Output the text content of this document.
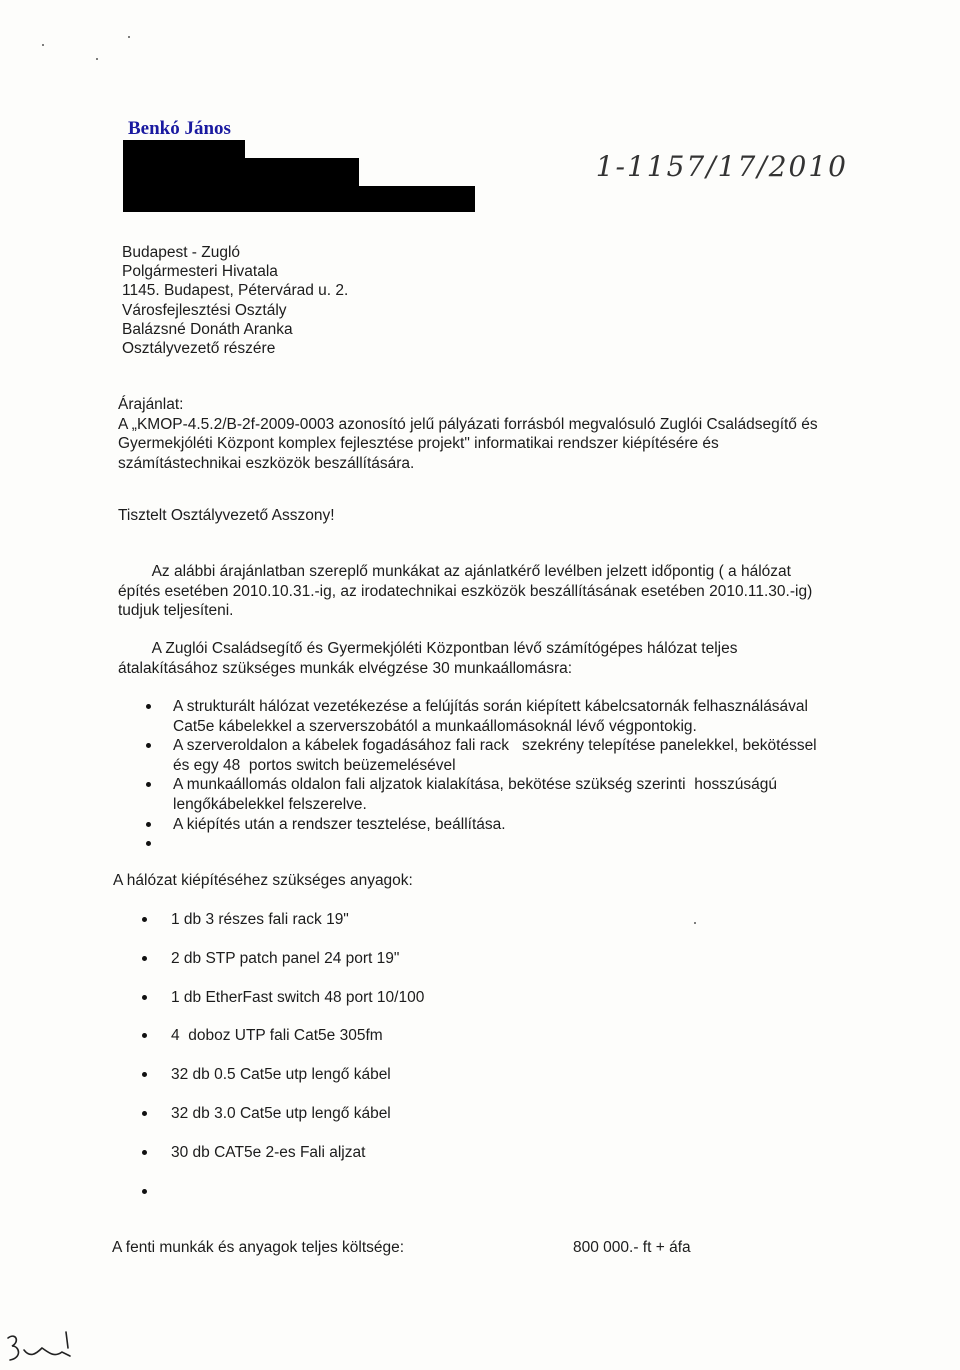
Benkó János
1-1157/17/2010
Budapest - Zugló
Polgármesteri Hivatala
1145. Budapest, Pétervárad u. 2.
Városfejlesztési Osztály
Balázsné Donáth Aranka
Osztályvezető részére
Árajánlat:
A „KMOP-4.5.2/B-2f-2009-0003 azonosító jelű pályázati forrásból megvalósuló Zuglói Családsegítő és
Gyermekjóléti Központ komplex fejlesztése projekt" informatikai rendszer kiépítésére és
számítástechnikai eszközök beszállítására.
Tisztelt Osztályvezető Asszony!
Az alábbi árajánlatban szereplő munkákat az ajánlatkérő levélben jelzett időpontig ( a hálózat
építés esetében 2010.10.31.-ig, az irodatechnikai eszközök beszállításának esetében 2010.11.30.-ig)
tudjuk teljesíteni.
A Zuglói Családsegítő és Gyermekjóléti Központban lévő számítógépes hálózat teljes
átalakításához szükséges munkák elvégzése 30 munkaállomásra:
A strukturált hálózat vezetékezése a felújítás során kiépített kábelcsatornák felhasználásával
Cat5e kábelekkel a szerverszobától a munkaállomásoknál lévő végpontokig.
A szerveroldalon a kábelek fogadásához fali rack   szekrény telepítése panelekkel, bekötéssel
és egy 48  portos switch beüzemelésével
A munkaállomás oldalon fali aljzatok kialakítása, bekötése szükség szerinti  hosszúságú
lengőkábelekkel felszerelve.
A kiépítés után a rendszer tesztelése, beállítása.
A hálózat kiépítéséhez szükséges anyagok:
1 db 3 részes fali rack 19"
2 db STP patch panel 24 port 19"
1 db EtherFast switch 48 port 10/100
4  doboz UTP fali Cat5e 305fm
32 db 0.5 Cat5e utp lengő kábel
32 db 3.0 Cat5e utp lengő kábel
30 db CAT5e 2-es Fali aljzat
A fenti munkák és anyagok teljes költsége:	800 000.- ft + áfa
